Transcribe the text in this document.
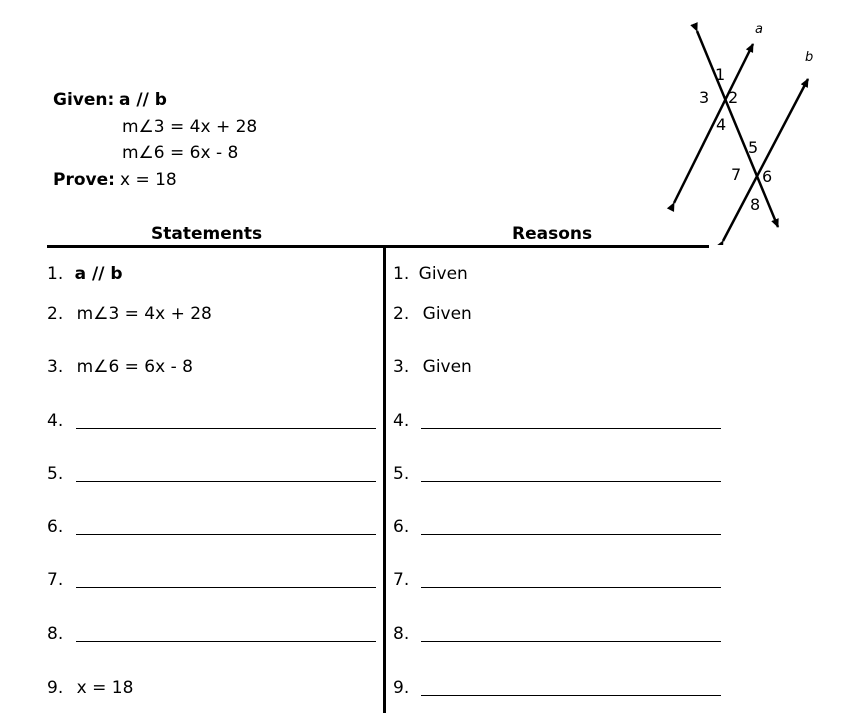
Given: a // b
m∠3 = 4x + 28
m∠6 = 6x - 8
Prove: x = 18
a
b
1
2
3
4
5
6
7
8
Statements	Reasons
1. a // b
2. m∠3 = 4x + 28
3. m∠6 = 6x - 8
4.
5.
6.
7.
8.
9. x = 18
1. Given
2. Given
3. Given
4.
5.
6.
7.
8.
9.
